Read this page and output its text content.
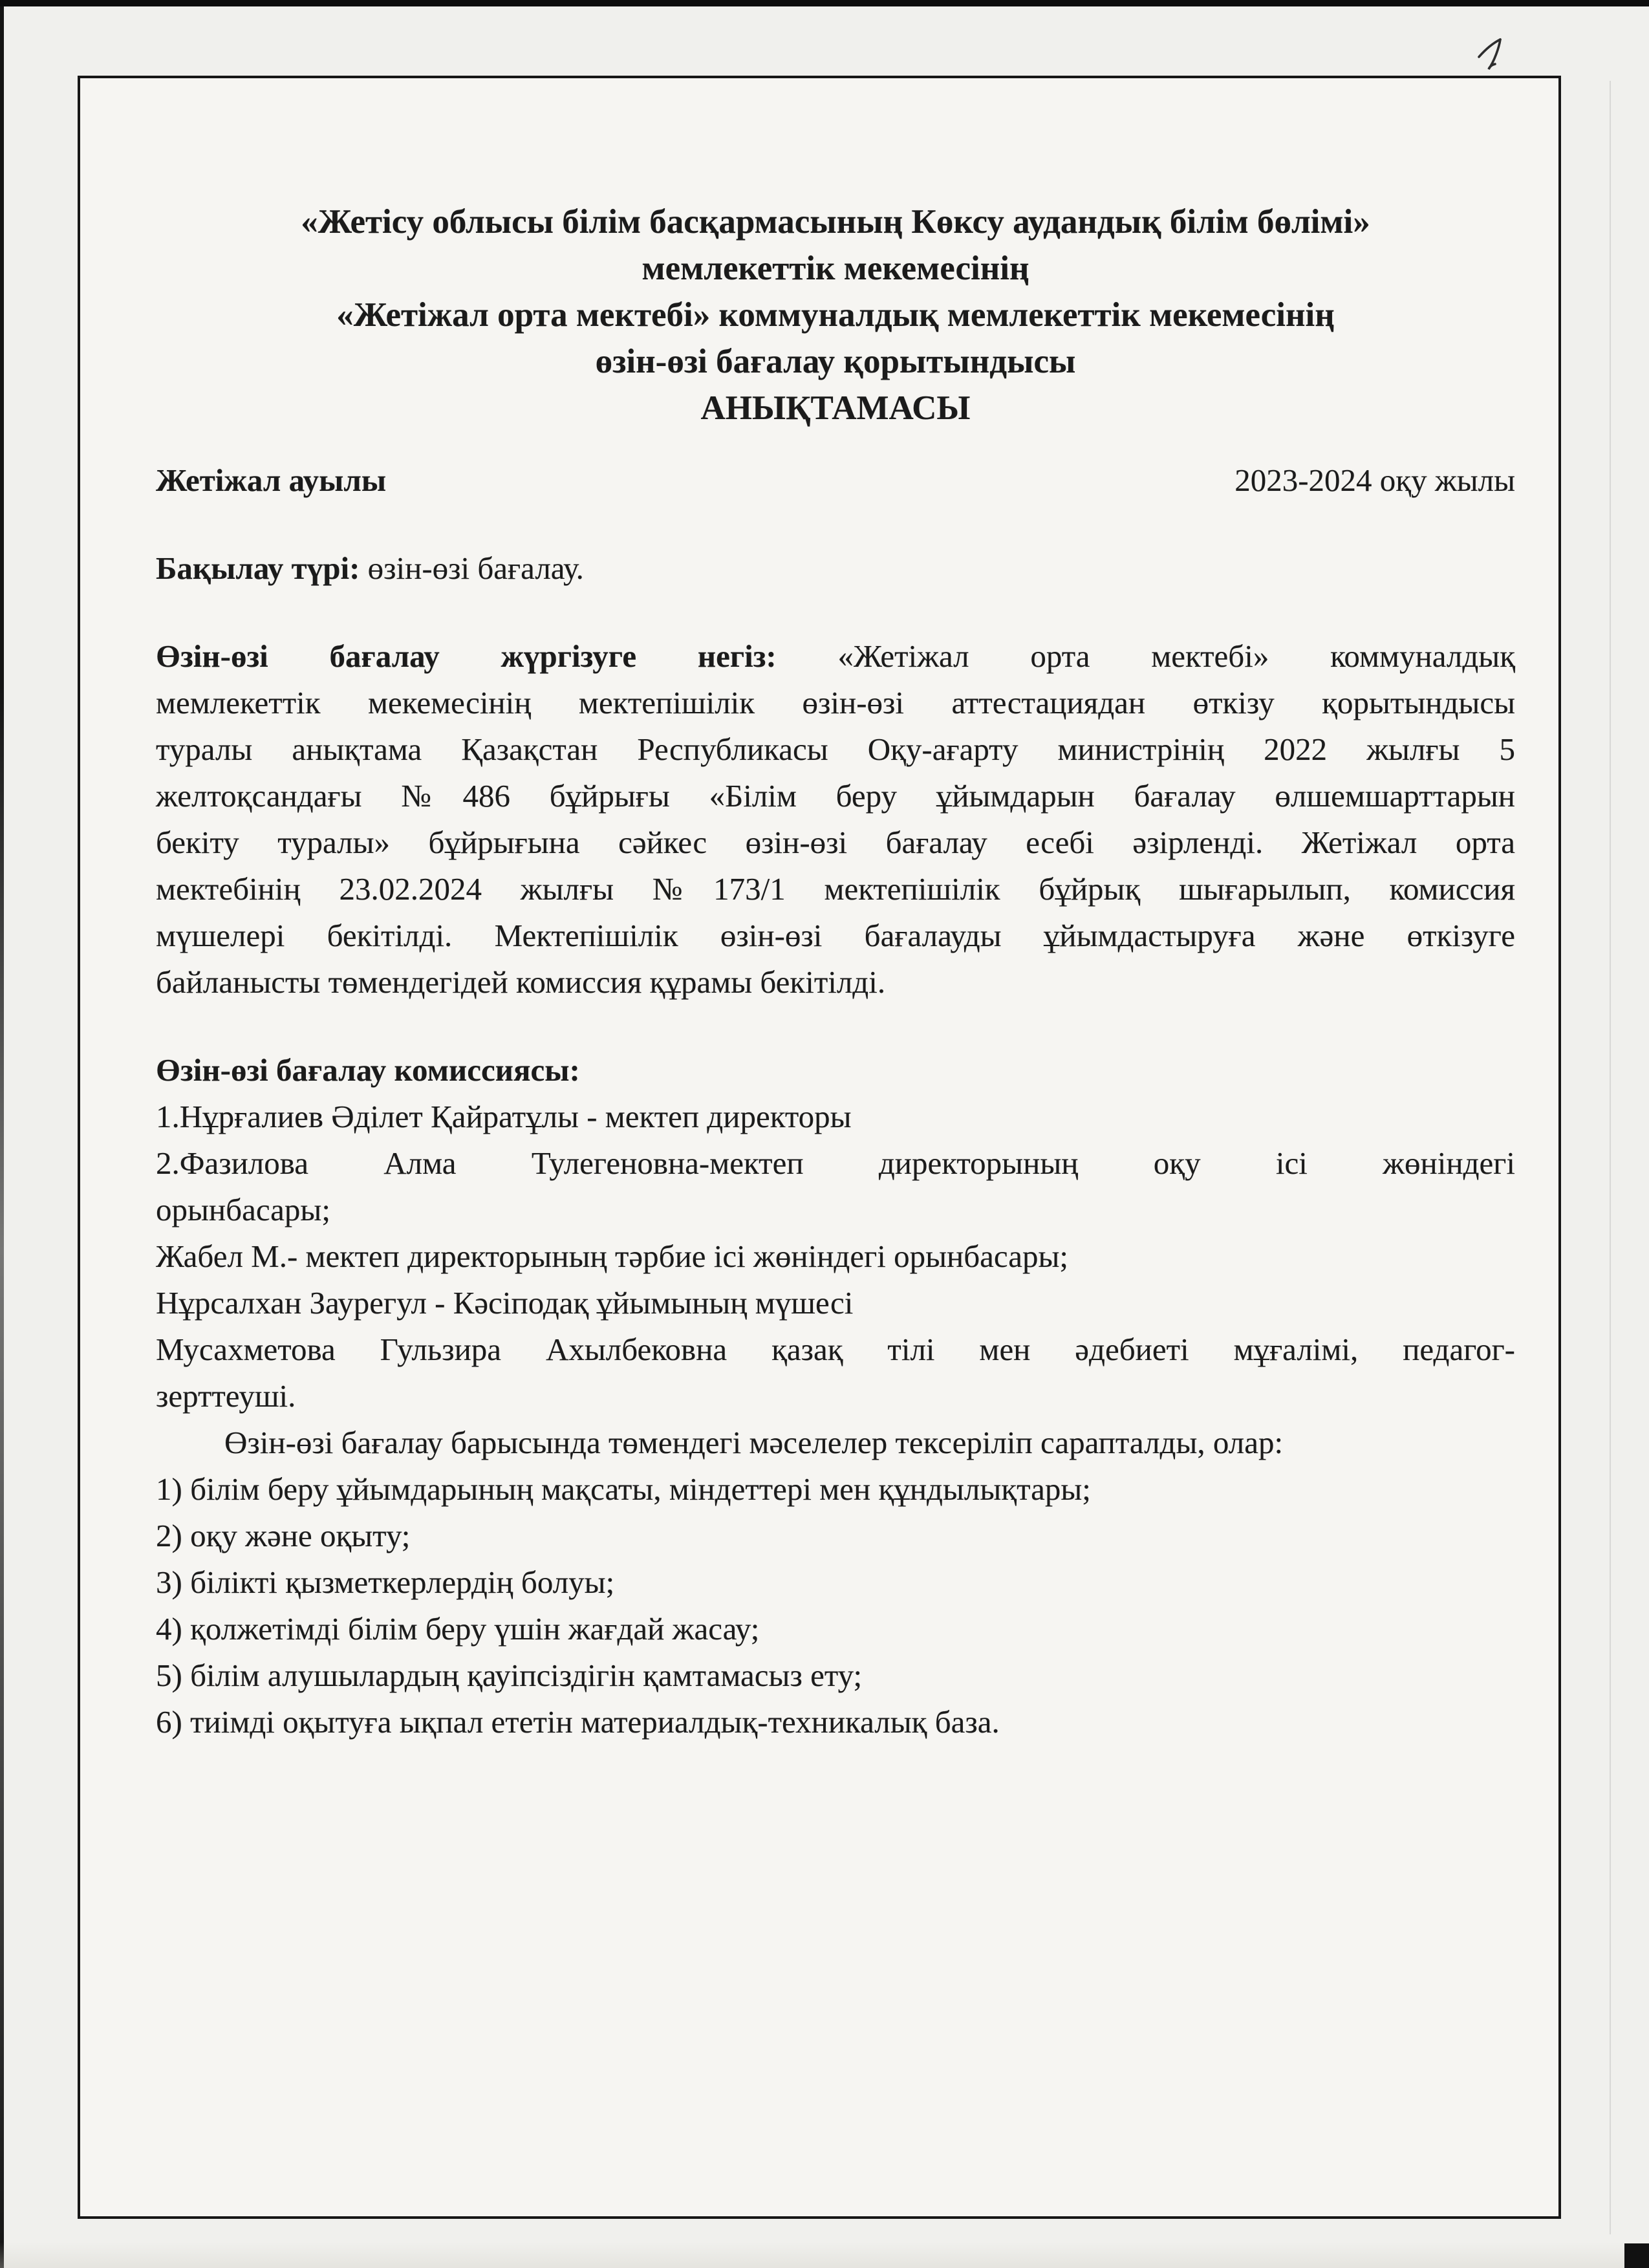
«Жетісу облысы білім басқармасының Көксу аудандық білім бөлімі»
мемлекеттік мекемесінің
«Жетіжал орта мектебі» коммуналдық мемлекеттік мекемесінің
өзін-өзі бағалау қорытындысы
АНЫҚТАМАСЫ
Жетіжал ауылы	2023-2024 оқу жылы
Бақылау түрі: өзін-өзі бағалау.
Өзін-өзі бағалау жүргізуге негіз: «Жетіжал орта мектебі» коммуналдық
мемлекеттік мекемесінің мектепішілік өзін-өзі аттестациядан өткізу қорытындысы
туралы анықтама Қазақстан Республикасы Оқу-ағарту министрінің 2022 жылғы 5
желтоқсандағы №486 бұйрығы «Білім беру ұйымдарын бағалау өлшемшарттарын
бекіту туралы» бұйрығына сәйкес өзін-өзі бағалау есебі әзірленді. Жетіжал орта
мектебінің 23.02.2024 жылғы №173/1 мектепішілік бұйрық шығарылып, комиссия
мүшелері бекітілді. Мектепішілік өзін-өзі бағалауды ұйымдастыруға және өткізуге
байланысты төмендегідей комиссия құрамы бекітілді.
Өзін-өзі бағалау комиссиясы:
1.Нұрғалиев Әділет Қайратұлы - мектеп директоры
2.Фазилова Алма Тулегеновна-мектеп директорының оқу ісі жөніндегі
орынбасары;
Жабел М.- мектеп директорының тәрбие ісі жөніндегі орынбасары;
Нұрсалхан Заурегул - Кәсіподақ ұйымының мүшесі
Мусахметова Гульзира Ахылбековна қазақ тілі мен әдебиеті мұғалімі, педагог-
зерттеуші.
Өзін-өзі бағалау барысында төмендегі мәселелер тексеріліп сарапталды, олар:
1) білім беру ұйымдарының мақсаты, міндеттері мен құндылықтары;
2) оқу және оқыту;
3) білікті қызметкерлердің болуы;
4) қолжетімді білім беру үшін жағдай жасау;
5) білім алушылардың қауіпсіздігін қамтамасыз ету;
6) тиімді оқытуға ықпал ететін материалдық-техникалық база.
